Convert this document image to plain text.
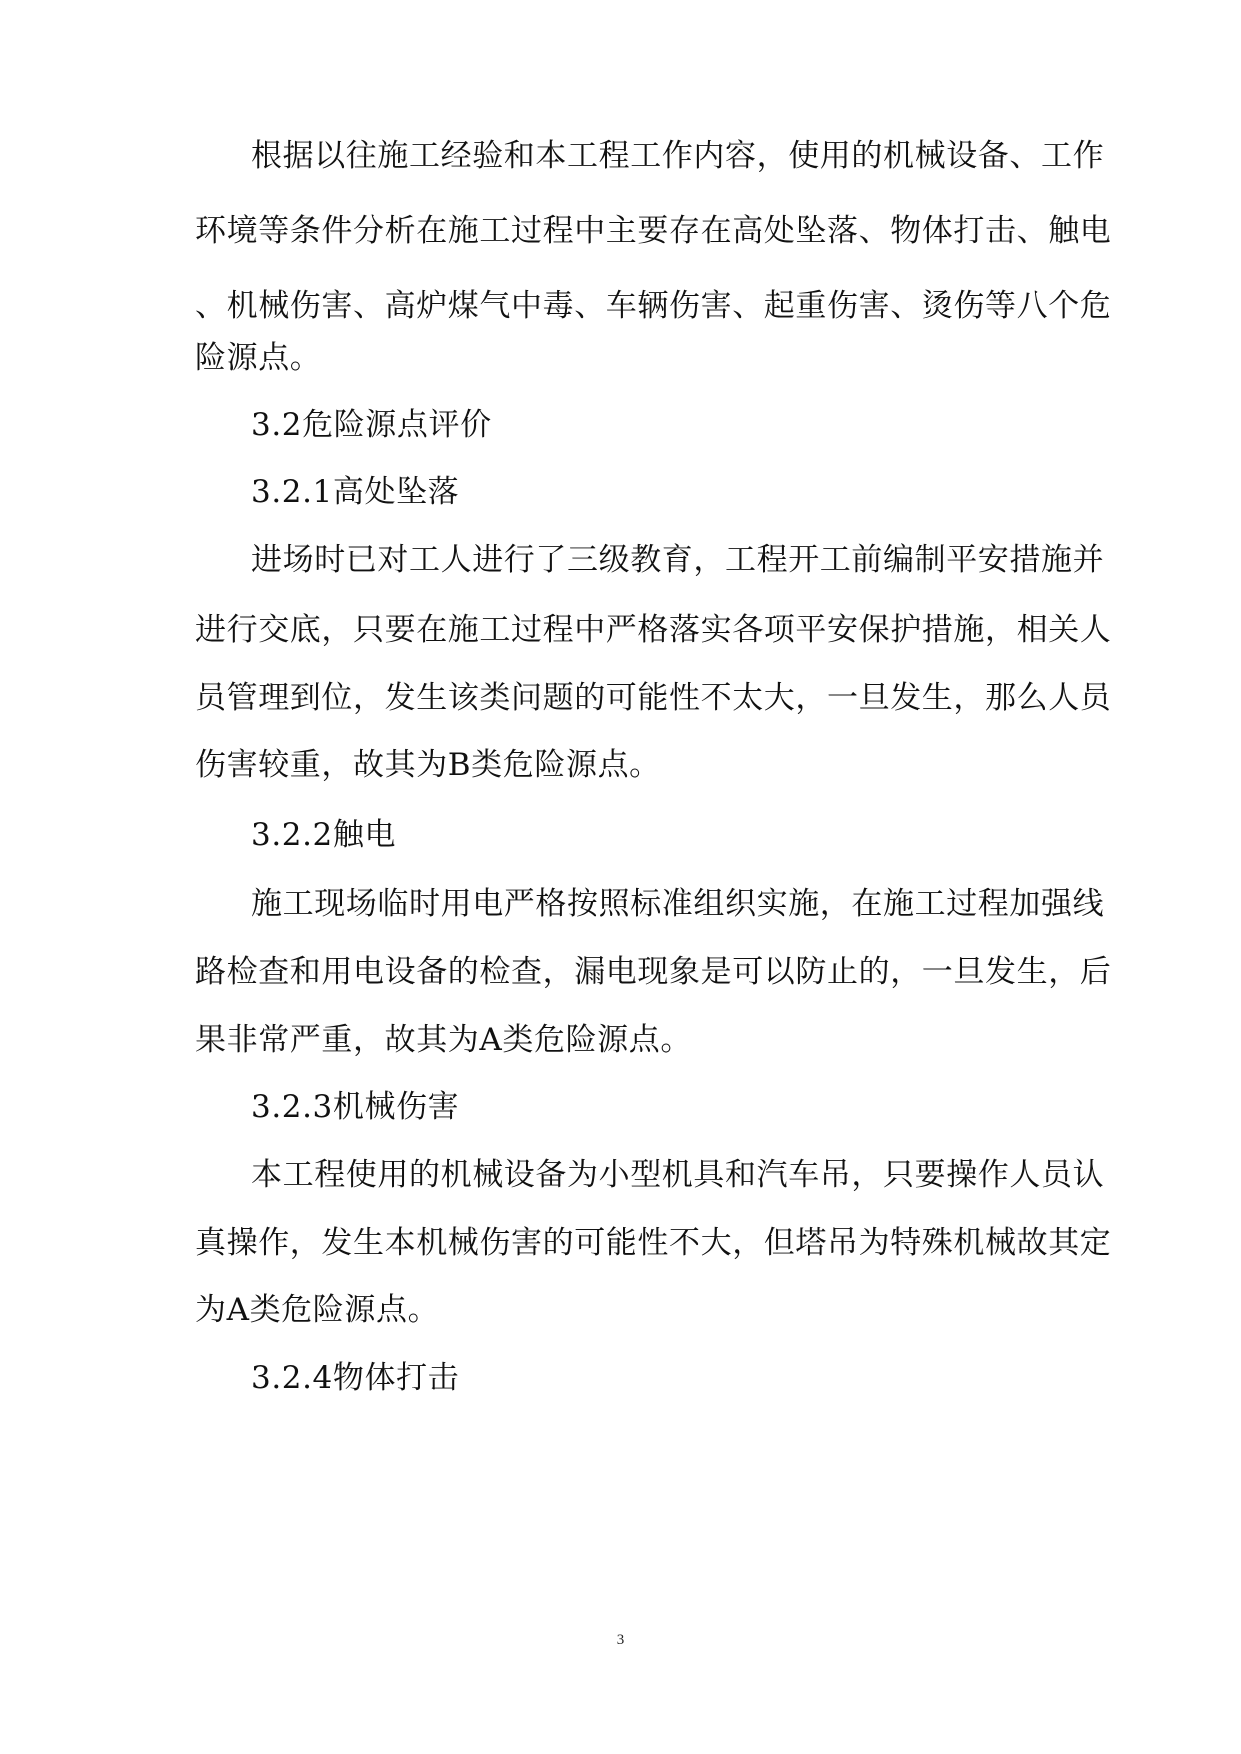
根据以往施工经验和本工程工作内容，使用的机械设备、工作
环境等条件分析在施工过程中主要存在高处坠落、物体打击、触电
、机械伤害、高炉煤气中毒、车辆伤害、起重伤害、烫伤等八个危
险源点。
3.2危险源点评价
3.2.1高处坠落
进场时已对工人进行了三级教育，工程开工前编制平安措施并
进行交底，只要在施工过程中严格落实各项平安保护措施，相关人
员管理到位，发生该类问题的可能性不太大，一旦发生，那么人员
伤害较重，故其为B类危险源点。
3.2.2触电
施工现场临时用电严格按照标准组织实施，在施工过程加强线
路检查和用电设备的检查，漏电现象是可以防止的，一旦发生，后
果非常严重，故其为A类危险源点。
3.2.3机械伤害
本工程使用的机械设备为小型机具和汽车吊，只要操作人员认
真操作，发生本机械伤害的可能性不大，但塔吊为特殊机械故其定
为A类危险源点。
3.2.4物体打击
3
